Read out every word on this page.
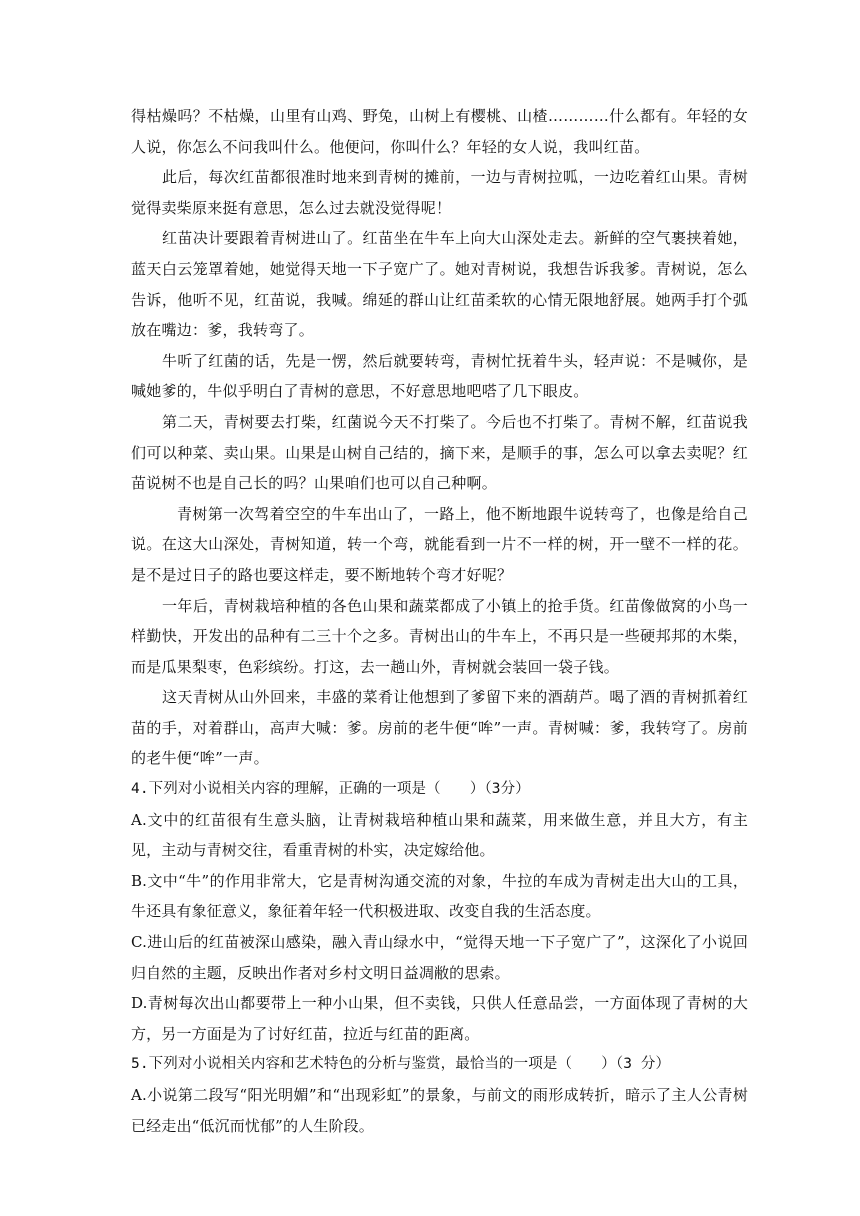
得枯燥吗？不枯燥，山里有山鸡、野兔，山树上有樱桃、山楂…………什么都有。年轻的女人说，你怎么不问我叫什么。他便问，你叫什么？年轻的女人说，我叫红苗。

此后，每次红苗都很准时地来到青树的摊前，一边与青树拉呱，一边吃着红山果。青树觉得卖柴原来挺有意思，怎么过去就没觉得呢！

红苗决计要跟着青树进山了。红苗坐在牛车上向大山深处走去。新鲜的空气裹挟着她，蓝天白云笼罩着她，她觉得天地一下子宽广了。她对青树说，我想告诉我爹。青树说，怎么告诉，他听不见，红苗说，我喊。绵延的群山让红苗柔软的心情无限地舒展。她两手打个弧放在嘴边：爹，我转弯了。

牛听了红菌的话，先是一愣，然后就要转弯，青树忙抚着牛头，轻声说：不是喊你，是喊她爹的，牛似乎明白了青树的意思，不好意思地吧嗒了几下眼皮。

第二天，青树要去打柴，红菌说今天不打柴了。今后也不打柴了。青树不解，红苗说我们可以种菜、卖山果。山果是山树自己结的，摘下来，是顺手的事，怎么可以拿去卖呢？红苗说树不也是自己长的吗？山果咱们也可以自己种啊。

青树第一次驾着空空的牛车出山了，一路上，他不断地跟牛说转弯了，也像是给自己说。在这大山深处，青树知道，转一个弯，就能看到一片不一样的树，开一壁不一样的花。是不是过日子的路也要这样走，要不断地转个弯才好呢？

一年后，青树栽培种植的各色山果和蔬菜都成了小镇上的抢手货。红苗像做窝的小鸟一样勤快，开发出的品种有二三十个之多。青树出山的牛车上，不再只是一些硬邦邦的木柴，而是瓜果梨枣，色彩缤纷。打这，去一趟山外，青树就会装回一袋子钱。

这天青树从山外回来，丰盛的菜肴让他想到了爹留下来的酒葫芦。喝了酒的青树抓着红苗的手，对着群山，高声大喊：爹。房前的老牛便“哞”一声。青树喊：爹，我转穹了。房前的老牛便“哞”一声。

4.下列对小说相关内容的理解，正确的一项是（　　）（3分）

A.文中的红苗很有生意头脑，让青树栽培种植山果和蔬菜，用来做生意，并且大方，有主见，主动与青树交往，看重青树的朴实，决定嫁给他。

B.文中“牛”的作用非常大，它是青树沟通交流的对象，牛拉的车成为青树走出大山的工具，牛还具有象征意义，象征着年轻一代积极进取、改变自我的生活态度。

C.进山后的红苗被深山感染，融入青山绿水中，“觉得天地一下子宽广了”，这深化了小说回归自然的主题，反映出作者对乡村文明日益凋敝的思索。

D.青树每次出山都要带上一种小山果，但不卖钱，只供人任意品尝，一方面体现了青树的大方，另一方面是为了讨好红苗，拉近与红苗的距离。

5.下列对小说相关内容和艺术特色的分析与鉴赏，最恰当的一项是（　　）（3 分）

A.小说第二段写“阳光明媚”和“出现彩虹”的景象，与前文的雨形成转折，暗示了主人公青树已经走出“低沉而忧郁”的人生阶段。
